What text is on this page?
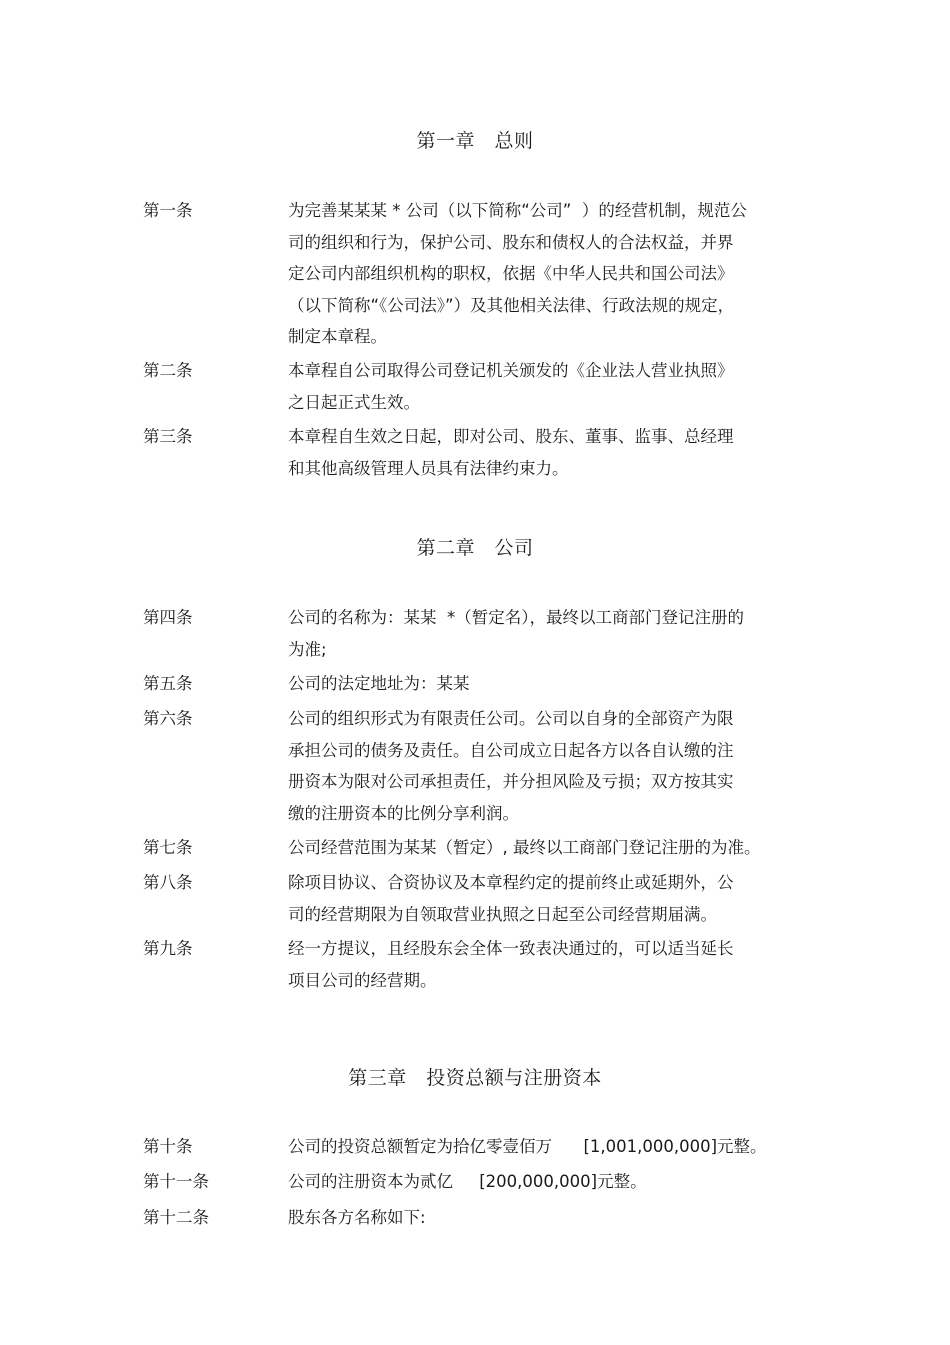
第一章   总则
第一条	为完善某某某 * 公司（以下简称“公司”  ）的经营机制，规范公
司的组织和行为，保护公司、股东和债权人的合法权益，并界
定公司内部组织机构的职权，依据《中华人民共和国公司法》
（以下简称“《公司法》”）及其他相关法律、行政法规的规定，
制定本章程。
第二条	本章程自公司取得公司登记机关颁发的《企业法人营业执照》
之日起正式生效。
第三条	本章程自生效之日起，即对公司、股东、董事、监事、总经理
和其他高级管理人员具有法律约束力。
第二章   公司
第四条	公司的名称为：某某  *（暂定名），最终以工商部门登记注册的
为准;
第五条	公司的法定地址为：某某
第六条	公司的组织形式为有限责任公司。公司以自身的全部资产为限
承担公司的债务及责任。自公司成立日起各方以各自认缴的注
册资本为限对公司承担责任，并分担风险及亏损；双方按其实
缴的注册资本的比例分享利润。
第七条	公司经营范围为某某（暂定）, 最终以工商部门登记注册的为准。
第八条	除项目协议、合资协议及本章程约定的提前终止或延期外，公
司的经营期限为自领取营业执照之日起至公司经营期届满。
第九条	经一方提议，且经股东会全体一致表决通过的，可以适当延长
项目公司的经营期。
第三章   投资总额与注册资本
第十条	公司的投资总额暂定为拾亿零壹佰万      [1,001,000,000]元整。
第十一条	公司的注册资本为贰亿     [200,000,000]元整。
第十二条	股东各方名称如下:
